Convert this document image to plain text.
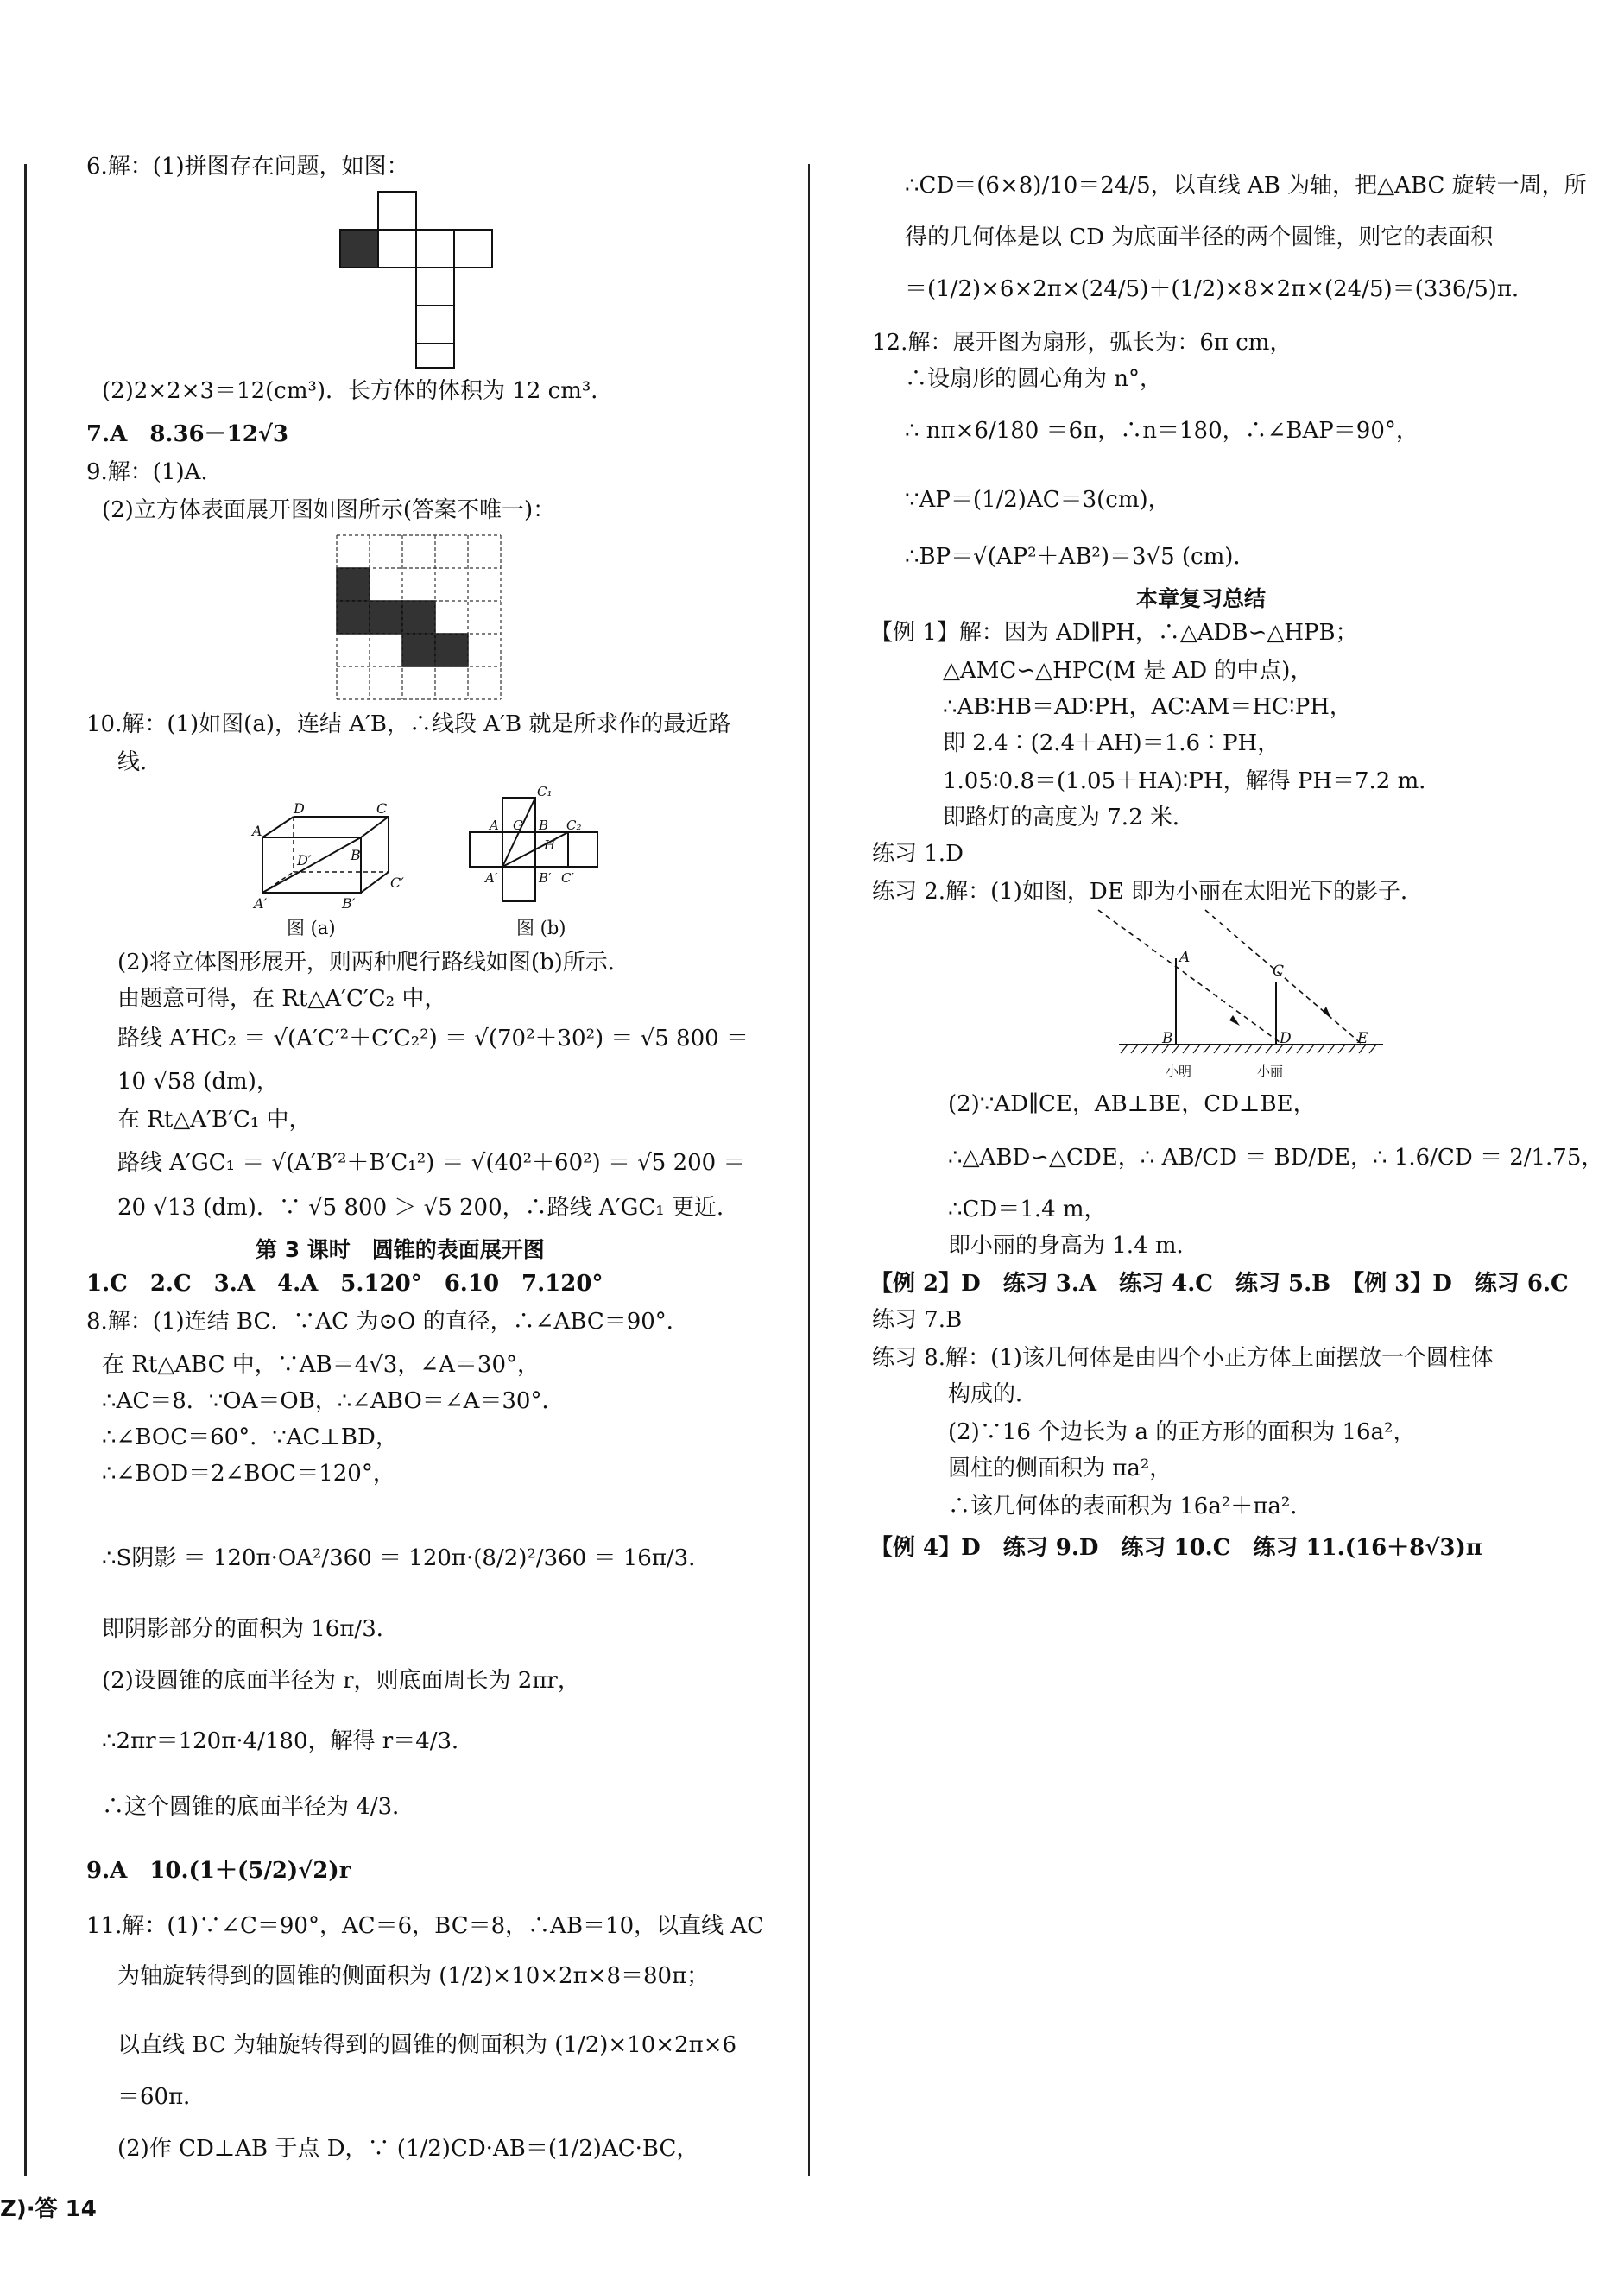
6.解：(1)拼图存在问题，如图：
(2)2×2×3＝12(cm³)．长方体的体积为 12 cm³．
7.A　8.36－12√3
9.解：(1)A.
(2)立方体表面展开图如图所示(答案不唯一)：
10.解：(1)如图(a)，连结 A′B，∴线段 A′B 就是所求作的最近路
线．
D	C
A
D′	B
C′
A′	B′
图 (a)
C₁
A G B C₂
H
A′	B′ C′
图 (b)
(2)将立体图形展开，则两种爬行路线如图(b)所示．
由题意可得，在 Rt△A′C′C₂ 中，
路线 A′HC₂ ＝ √(A′C′²＋C′C₂²) ＝ √(70²＋30²) ＝ √5 800 ＝
10 √58 (dm)，
在 Rt△A′B′C₁ 中，
路线 A′GC₁ ＝ √(A′B′²＋B′C₁²) ＝ √(40²＋60²) ＝ √5 200 ＝
20 √13 (dm)．∵ √5 800 ＞ √5 200，∴路线 A′GC₁ 更近．
第 3 课时　圆锥的表面展开图
1.C　2.C　3.A　4.A　5.120°　6.10　7.120°
8.解：(1)连结 BC．∵AC 为⊙O 的直径，∴∠ABC＝90°．
在 Rt△ABC 中，∵AB＝4√3，∠A＝30°，
∴AC＝8．∵OA＝OB，∴∠ABO＝∠A＝30°．
∴∠BOC＝60°．∵AC⊥BD，
∴∠BOD＝2∠BOC＝120°，
∴S阴影 ＝ 120π·OA²/360 ＝ 120π·(8/2)²/360 ＝ 16π/3．
即阴影部分的面积为 16π/3．
(2)设圆锥的底面半径为 r，则底面周长为 2πr，
∴2πr＝120π·4/180，解得 r＝4/3．
∴这个圆锥的底面半径为 4/3．
9.A　10.(1＋(5/2)√2)r
11.解：(1)∵∠C＝90°，AC＝6，BC＝8，∴AB＝10，以直线 AC
为轴旋转得到的圆锥的侧面积为 (1/2)×10×2π×8＝80π；
以直线 BC 为轴旋转得到的圆锥的侧面积为 (1/2)×10×2π×6
＝60π．
(2)作 CD⊥AB 于点 D，∵ (1/2)CD·AB＝(1/2)AC·BC，
∴CD＝(6×8)/10＝24/5，以直线 AB 为轴，把△ABC 旋转一周，所
得的几何体是以 CD 为底面半径的两个圆锥，则它的表面积
＝(1/2)×6×2π×(24/5)＋(1/2)×8×2π×(24/5)＝(336/5)π．
12.解：展开图为扇形，弧长为：6π cm，
∴设扇形的圆心角为 n°，
∴ nπ×6/180 ＝6π，∴n＝180，∴∠BAP＝90°，
∵AP＝(1/2)AC＝3(cm)，
∴BP＝√(AP²＋AB²)＝3√5 (cm)．
本章复习总结
【例 1】解：因为 AD∥PH，∴△ADB∽△HPB；
△AMC∽△HPC(M 是 AD 的中点)，
∴AB∶HB＝AD∶PH，AC∶AM＝HC∶PH，
即 2.4∶(2.4＋AH)＝1.6∶PH，
1.05∶0.8＝(1.05＋HA)∶PH，解得 PH＝7.2 m．
即路灯的高度为 7.2 米．
练习 1.D
练习 2.解：(1)如图，DE 即为小丽在太阳光下的影子．
A
C
B	D	E
小明	小丽
(2)∵AD∥CE，AB⊥BE，CD⊥BE，
∴△ABD∽△CDE，∴ AB/CD ＝ BD/DE，∴ 1.6/CD ＝ 2/1.75，
∴CD＝1.4 m，
即小丽的身高为 1.4 m．
【例 2】D　练习 3.A　练习 4.C　练习 5.B　【例 3】D　练习 6.C
练习 7.B
练习 8.解：(1)该几何体是由四个小正方体上面摆放一个圆柱体
构成的．
(2)∵16 个边长为 a 的正方形的面积为 16a²，
圆柱的侧面积为 πa²，
∴该几何体的表面积为 16a²＋πa²．
【例 4】D　练习 9.D　练习 10.C　练习 11.(16＋8√3)π
Z)·答 14
